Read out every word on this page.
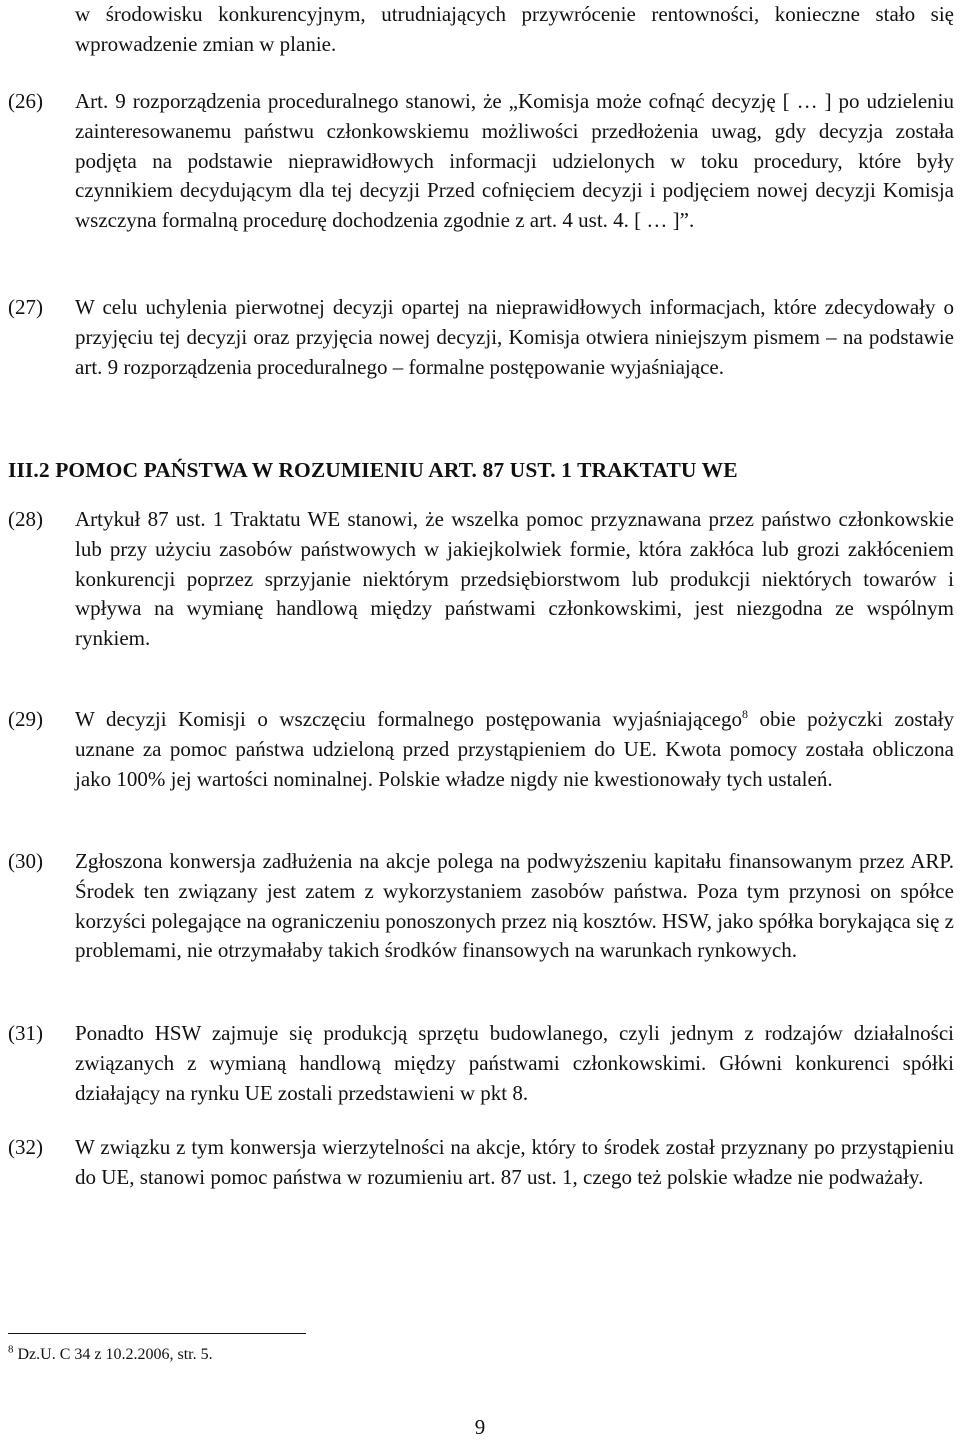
w środowisku konkurencyjnym, utrudniających przywrócenie rentowności, konieczne stało się wprowadzenie zmian w planie.
(26)	Art. 9 rozporządzenia proceduralnego stanowi, że „Komisja może cofnąć decyzję [ … ] po udzieleniu zainteresowanemu państwu członkowskiemu możliwości przedłożenia uwag, gdy decyzja została podjęta na podstawie nieprawidłowych informacji udzielonych w toku procedury, które były czynnikiem decydującym dla tej decyzji Przed cofnięciem decyzji i podjęciem nowej decyzji Komisja wszczyna formalną procedurę dochodzenia zgodnie z art. 4 ust. 4. [ … ]”.
(27)	W celu uchylenia pierwotnej decyzji opartej na nieprawidłowych informacjach, które zdecydowały o przyjęciu tej decyzji oraz przyjęcia nowej decyzji, Komisja otwiera niniejszym pismem – na podstawie art. 9 rozporządzenia proceduralnego – formalne postępowanie wyjaśniające.
III.2 POMOC PAŃSTWA W ROZUMIENIU ART. 87 UST. 1 TRAKTATU WE
(28)	Artykuł 87 ust. 1 Traktatu WE stanowi, że wszelka pomoc przyznawana przez państwo członkowskie lub przy użyciu zasobów państwowych w jakiejkolwiek formie, która zakłóca lub grozi zakłóceniem konkurencji poprzez sprzyjanie niektórym przedsiębiorstwom lub produkcji niektórych towarów i wpływa na wymianę handlową między państwami członkowskimi, jest niezgodna ze wspólnym rynkiem.
(29)	W decyzji Komisji o wszczęciu formalnego postępowania wyjaśniającego$^8$ obie pożyczki zostały uznane za pomoc państwa udzieloną przed przystąpieniem do UE. Kwota pomocy została obliczona jako 100% jej wartości nominalnej. Polskie władze nigdy nie kwestionowały tych ustaleń.
(30)	Zgłoszona konwersja zadłużenia na akcje polega na podwyższeniu kapitału finansowanym przez ARP. Środek ten związany jest zatem z wykorzystaniem zasobów państwa. Poza tym przynosi on spółce korzyści polegające na ograniczeniu ponoszonych przez nią kosztów. HSW, jako spółka borykająca się z problemami, nie otrzymałaby takich środków finansowych na warunkach rynkowych.
(31)	Ponadto HSW zajmuje się produkcją sprzętu budowlanego, czyli jednym z rodzajów działalności związanych z wymianą handlową między państwami członkowskimi. Główni konkurenci spółki działający na rynku UE zostali przedstawieni w pkt 8.
(32)	W związku z tym konwersja wierzytelności na akcje, który to środek został przyznany po przystąpieniu do UE, stanowi pomoc państwa w rozumieniu art. 87 ust. 1, czego też polskie władze nie podważały.
$^8$ Dz.U. C 34 z 10.2.2006, str. 5.
9
